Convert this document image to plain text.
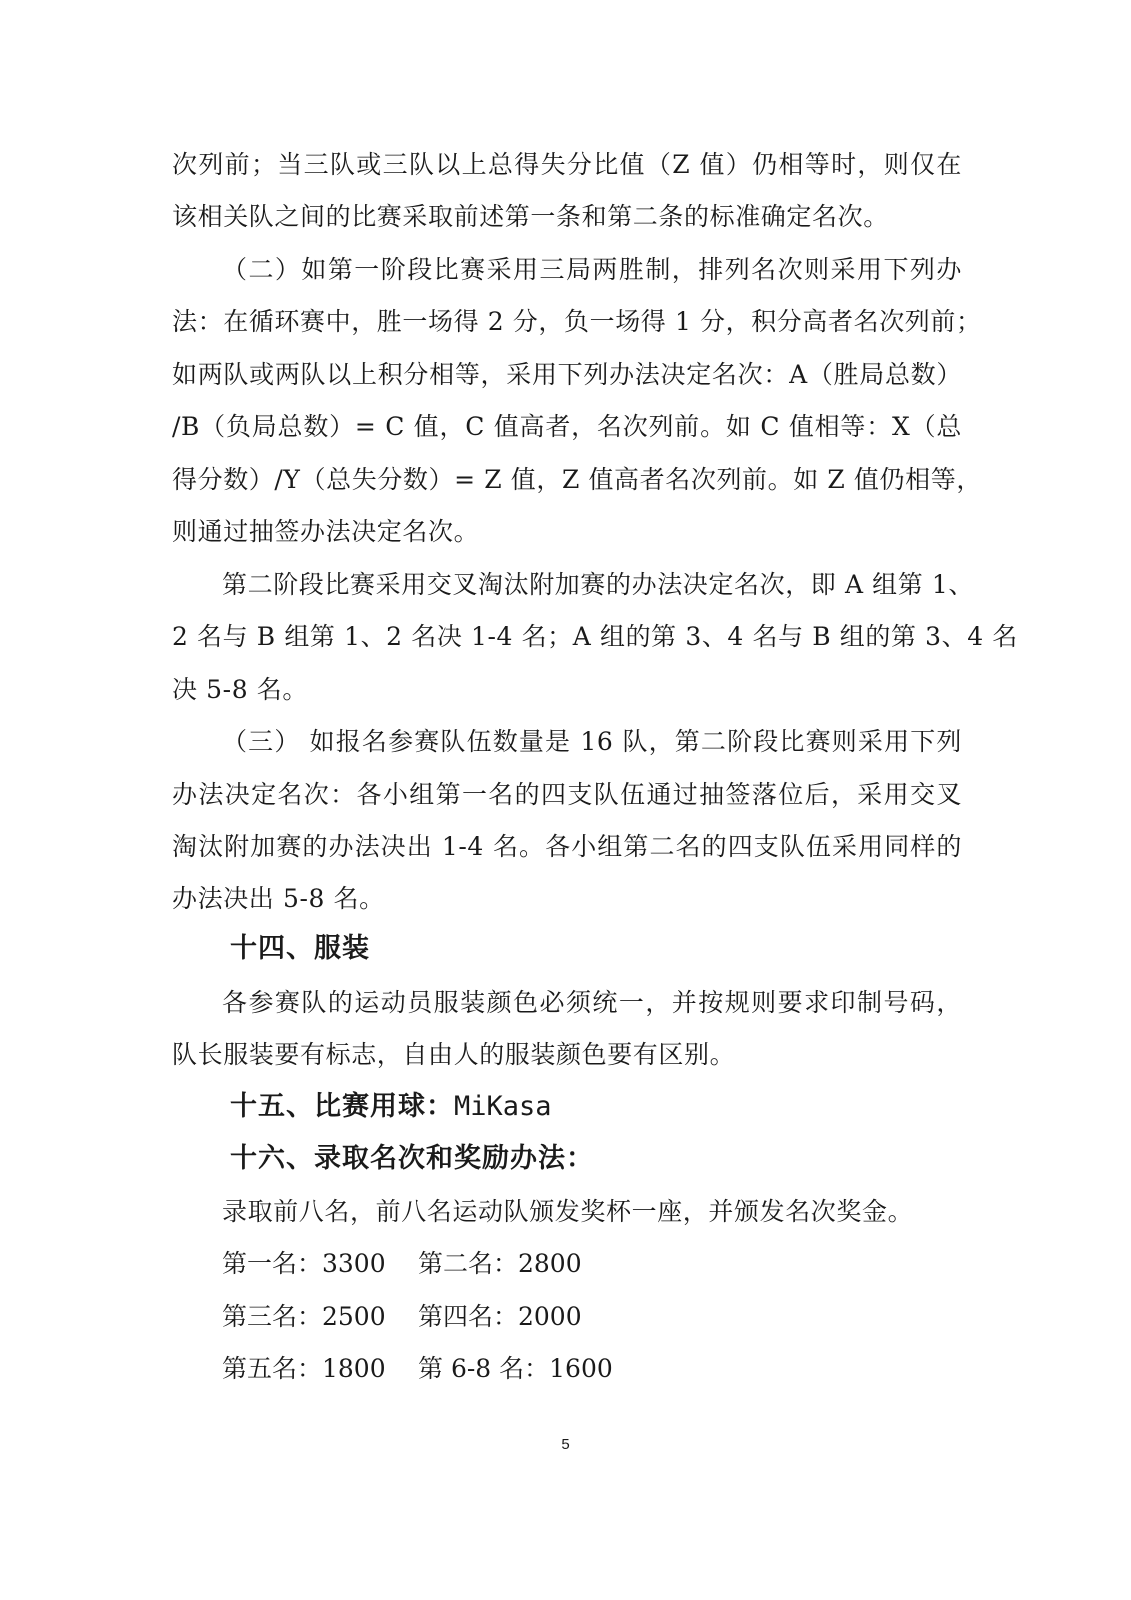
次列前；当三队或三队以上总得失分比值（Z 值）仍相等时，则仅在
该相关队之间的比赛采取前述第一条和第二条的标准确定名次。
（二）如第一阶段比赛采用三局两胜制，排列名次则采用下列办
法：在循环赛中，胜一场得 2 分，负一场得 1 分，积分高者名次列前；
如两队或两队以上积分相等，采用下列办法决定名次：A（胜局总数）
/B（负局总数）= C 值，C 值高者，名次列前。如 C 值相等：X（总
得分数）/Y（总失分数）= Z 值，Z 值高者名次列前。如 Z 值仍相等，
则通过抽签办法决定名次。
第二阶段比赛采用交叉淘汰附加赛的办法决定名次，即 A 组第 1、
2 名与 B 组第 1、2 名决 1-4 名；A 组的第 3、4 名与 B 组的第 3、4 名
决 5-8 名。
（三） 如报名参赛队伍数量是 16 队，第二阶段比赛则采用下列
办法决定名次：各小组第一名的四支队伍通过抽签落位后，采用交叉
淘汰附加赛的办法决出 1-4 名。各小组第二名的四支队伍采用同样的
办法决出 5-8 名。
十四、服装
各参赛队的运动员服装颜色必须统一，并按规则要求印制号码，
队长服装要有标志，自由人的服装颜色要有区别。
十五、比赛用球：MiKasa
十六、录取名次和奖励办法：
录取前八名，前八名运动队颁发奖杯一座，并颁发名次奖金。
第一名：3300 第二名：2800
第三名：2500 第四名：2000
第五名：1800 第 6-8 名：1600
5
